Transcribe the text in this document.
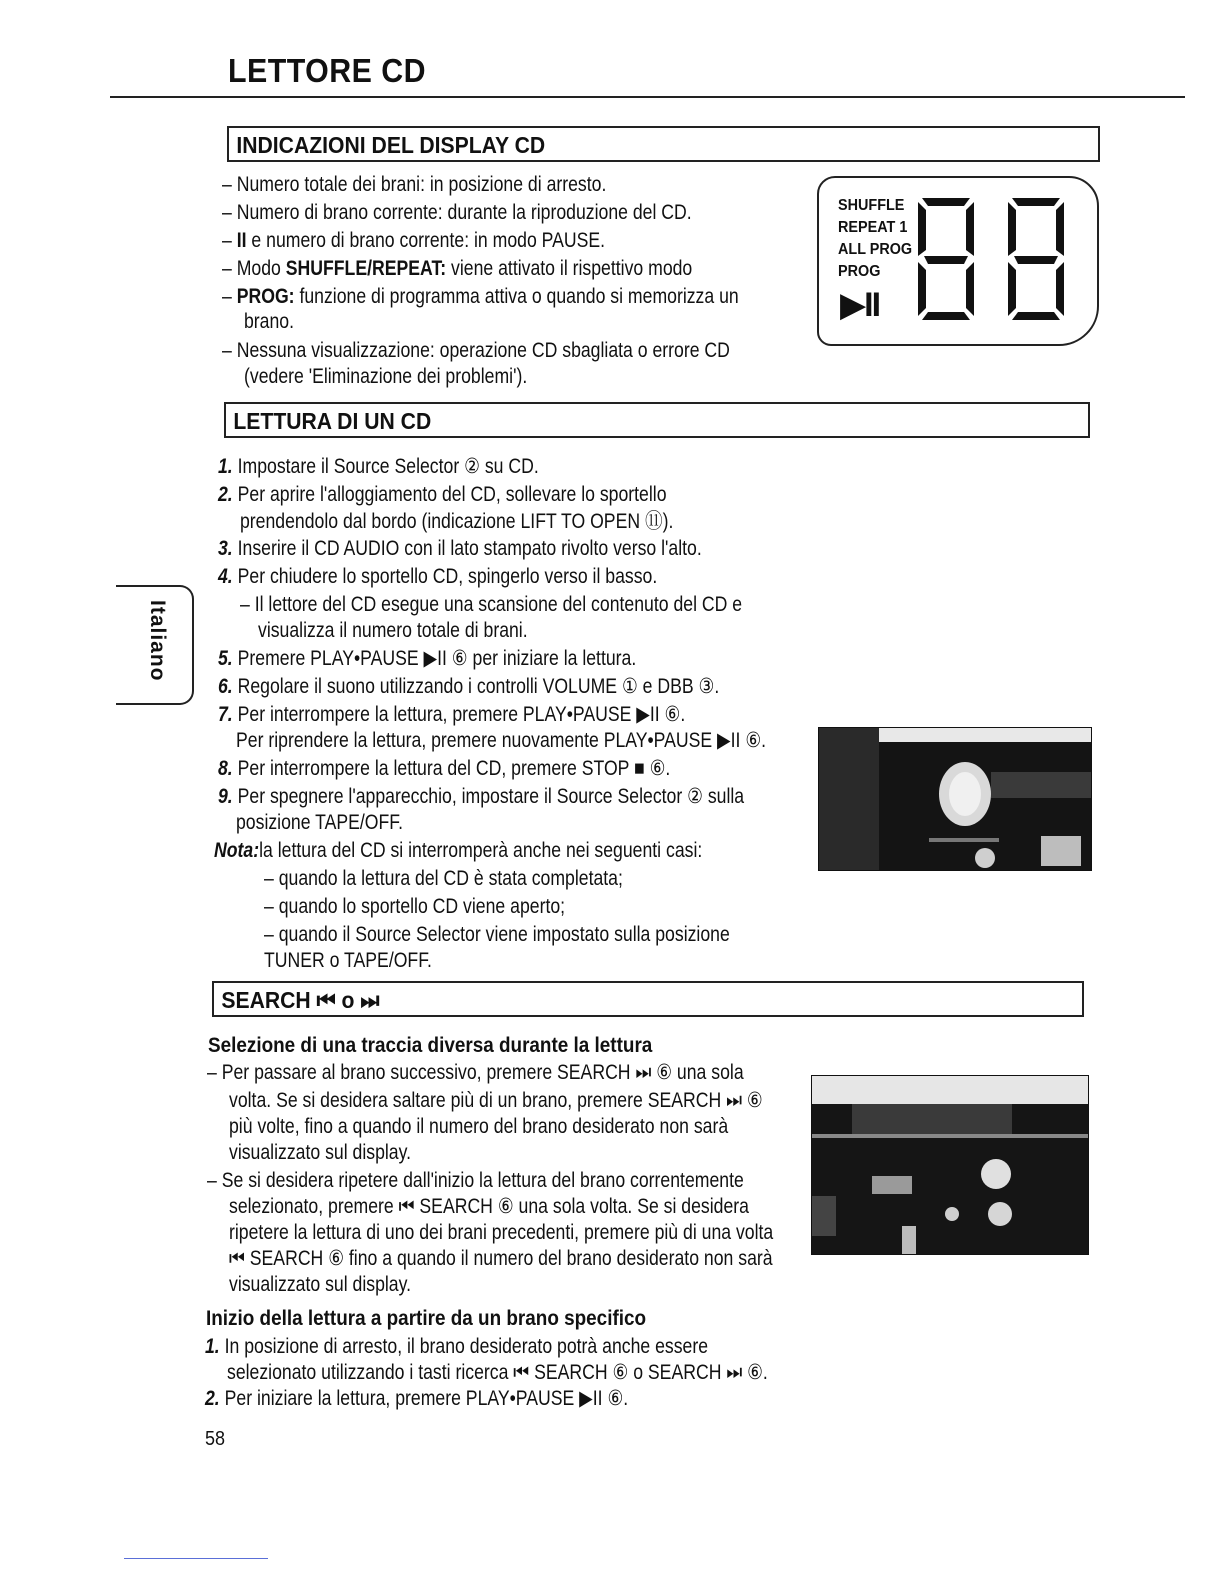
LETTORE CD
INDICAZIONI DEL DISPLAY CD
– Numero totale dei brani: in posizione di arresto.
– Numero di brano corrente: durante la riproduzione del CD.
– II e numero di brano corrente: in modo PAUSE.
– Modo SHUFFLE/REPEAT: viene attivato il rispettivo modo
– PROG: funzione di programma attiva o quando si memorizza un
brano.
– Nessuna visualizzazione: operazione CD sbagliata o errore CD
(vedere 'Eliminazione dei problemi').
SHUFFLE
REPEAT 1
ALL PROG
PROG
▶II
88
LETTURA DI UN CD
1. Impostare il Source Selector ② su CD.
2. Per aprire l'alloggiamento del CD, sollevare lo sportello
prendendolo dal bordo (indicazione LIFT TO OPEN ⑪).
3. Inserire il CD AUDIO con il lato stampato rivolto verso l'alto.
4. Per chiudere lo sportello CD, spingerlo verso il basso.
– Il lettore del CD esegue una scansione del contenuto del CD e
visualizza il numero totale di brani.
5. Premere PLAY•PAUSE ▶II ⑥ per iniziare la lettura.
6. Regolare il suono utilizzando i controlli VOLUME ① e DBB ③.
7. Per interrompere la lettura, premere PLAY•PAUSE ▶II ⑥.
Per riprendere la lettura, premere nuovamente PLAY•PAUSE ▶II ⑥.
8. Per interrompere la lettura del CD, premere STOP ■ ⑥.
9. Per spegnere l'apparecchio, impostare il Source Selector ② sulla
posizione TAPE/OFF.
Nota:la lettura del CD si interromperà anche nei seguenti casi:
– quando la lettura del CD è stata completata;
– quando lo sportello CD viene aperto;
– quando il Source Selector viene impostato sulla posizione
TUNER o TAPE/OFF.
Italiano
SEARCH ⏮ o ⏭
Selezione di una traccia diversa durante la lettura
– Per passare al brano successivo, premere SEARCH ⏭ ⑥ una sola
volta. Se si desidera saltare più di un brano, premere SEARCH ⏭ ⑥
più volte, fino a quando il numero del brano desiderato non sarà
visualizzato sul display.
– Se si desidera ripetere dall'inizio la lettura del brano correntemente
selezionato, premere ⏮ SEARCH ⑥ una sola volta. Se si desidera
ripetere la lettura di uno dei brani precedenti, premere più di una volta
⏮ SEARCH ⑥ fino a quando il numero del brano desiderato non sarà
visualizzato sul display.
Inizio della lettura a partire da un brano specifico
1. In posizione di arresto, il brano desiderato potrà anche essere
selezionato utilizzando i tasti ricerca ⏮ SEARCH ⑥ o SEARCH ⏭ ⑥.
2. Per iniziare la lettura, premere PLAY•PAUSE ▶II ⑥.
58
